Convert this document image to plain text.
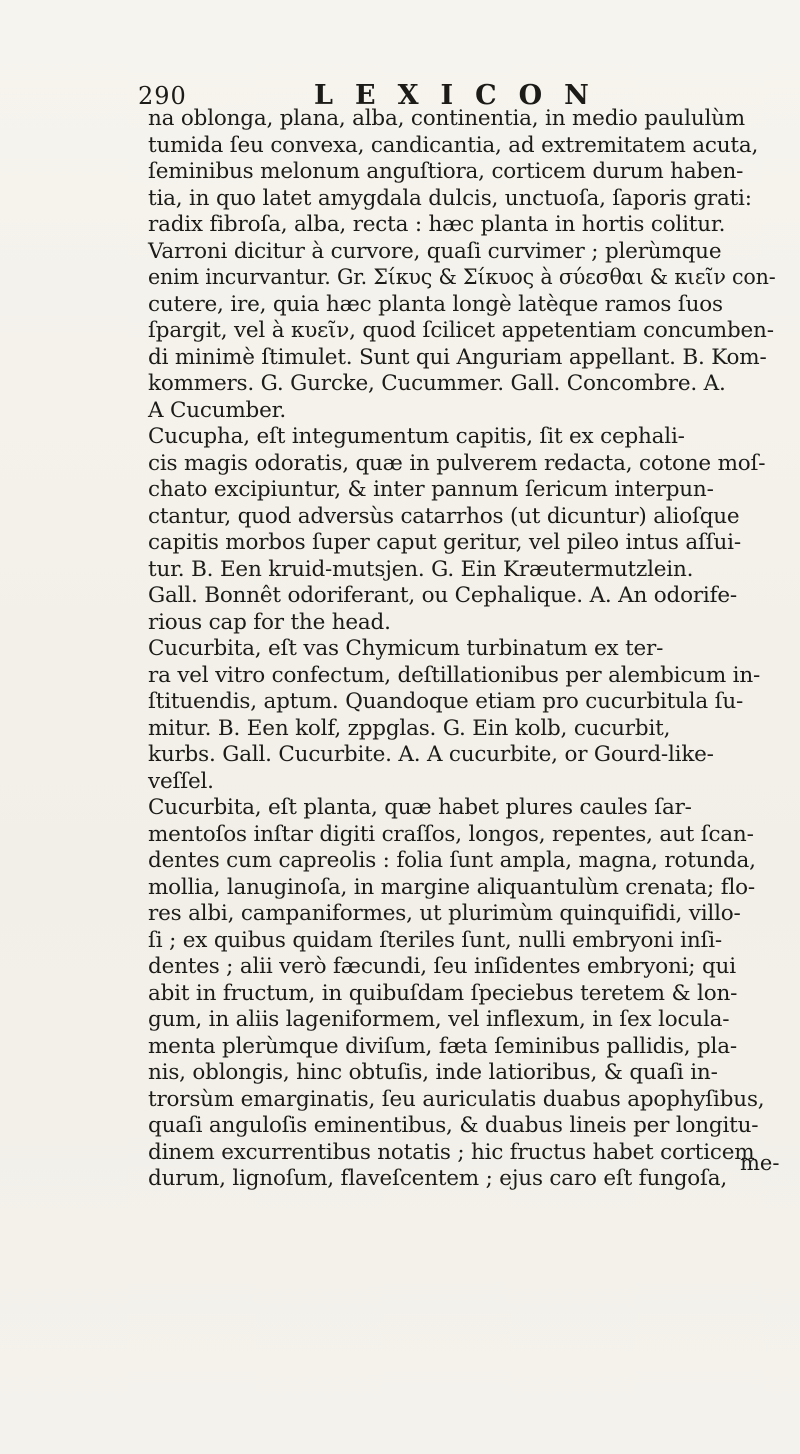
290	LEXICON
na oblonga, plana, alba, continentia, in medio paululùm
tumida ſeu convexa, candicantia, ad extremitatem acuta,
ſeminibus melonum anguſtiora, corticem durum haben-
tia, in quo latet amygdala dulcis, unctuoſa, ſaporis grati:
radix fibroſa, alba, recta : hæc planta in hortis colitur.
Varroni dicitur à curvore, quaſi curvimer ; plerùmque
enim incurvantur. Gr. Σίκυς & Σίκυος à σύεσθαι & κιεῖν con-
cutere, ire, quia hæc planta longè latèque ramos ſuos
ſpargit, vel à κυεῖν, quod ſcilicet appetentiam concumben-
di minimè ſtimulet. Sunt qui Anguriam appellant. B. Kom-
kommers. G. Gurcke, Cucummer. Gall. Concombre. A.
A Cucumber.
Cucupha, eſt integumentum capitis, ſit ex cephali-
cis magis odoratis, quæ in pulverem redacta, cotone moſ-
chato excipiuntur, & inter pannum ſericum interpun-
ctantur, quod adversùs catarrhos (ut dicuntur) alioſque
capitis morbos ſuper caput geritur, vel pileo intus aſſui-
tur. B. Een kruid-mutsjen. G. Ein Kræutermutzlein.
Gall. Bonnêt odoriferant, ou Cephalique. A. An odorife-
rious cap for the head.
Cucurbita, eſt vas Chymicum turbinatum ex ter-
ra vel vitro confectum, deſtillationibus per alembicum in-
ſtituendis, aptum. Quandoque etiam pro cucurbitula ſu-
mitur. B. Een kolf, zppglas. G. Ein kolb, cucurbit,
kurbs. Gall. Cucurbite. A. A cucurbite, or Gourd-like-
veſſel.
Cucurbita, eſt planta, quæ habet plures caules ſar-
mentoſos inſtar digiti craſſos, longos, repentes, aut ſcan-
dentes cum capreolis : folia ſunt ampla, magna, rotunda,
mollia, lanuginoſa, in margine aliquantulùm crenata; flo-
res albi, campaniformes, ut plurimùm quinquifidi, villo-
ſi ; ex quibus quidam ſteriles ſunt, nulli embryoni inſi-
dentes ; alii verò fæcundi, ſeu inſidentes embryoni; qui
abit in fructum, in quibuſdam ſpeciebus teretem & lon-
gum, in aliis lageniformem, vel inflexum, in ſex locula-
menta plerùmque diviſum, fæta ſeminibus pallidis, pla-
nis, oblongis, hinc obtuſis, inde latioribus, & quaſi in-
trorsùm emarginatis, ſeu auriculatis duabus apophyſibus,
quaſi anguloſis eminentibus, & duabus lineis per longitu-
dinem excurrentibus notatis ; hic fructus habet corticem
durum, lignoſum, flaveſcentem ; ejus caro eſt fungoſa,
me-
